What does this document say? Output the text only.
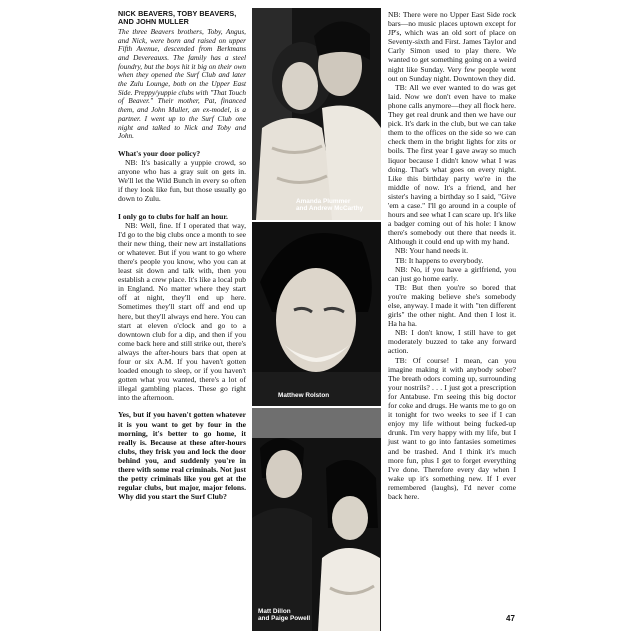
NICK BEAVERS, TOBY BEAVERS, AND JOHN MULLER

The three Beavers brothers, Toby, Angus, and Nick, were born and raised on upper Fifth Avenue, descended from Berkmans and Devereauxs. The family has a steel foundry, but the boys hit it big on their own when they opened the Surf Club and later the Zulu Lounge, both on the Upper East Side. Preppy/yuppie clubs with "That Touch of Beaver." Their mother, Pat, financed them, and John Muller, an ex-model, is a partner. I went up to the Surf Club one night and talked to Nick and Toby and John.

What's your door policy?

NB: It's basically a yuppie crowd, so anyone who has a gray suit on gets in. We'll let the Wild Bunch in every so often if they look like fun, but those usually go down to Zulu.

I only go to clubs for half an hour.

NB: Well, fine. If I operated that way, I'd go to the big clubs once a month to see their new thing, their new art installations or whatever. But if you want to go where there's people you know, who you can at least sit down and talk with, then you establish a crew place. It's like a local pub in England. No matter where they start off at night, they'll end up here. Sometimes they'll start off and end up here, but they'll always end here. You can start at eleven o'clock and go to a downtown club for a dip, and then if you come back here and still strike out, there's always the after-hours bars that open at four or six A.M. If you haven't gotten loaded enough to sleep, or if you haven't gotten what you wanted, there's a lot of illegal gambling places. These go right into the afternoon.

Yes, but if you haven't gotten whatever it is you want to get by four in the morning, it's better to go home, it really is. Because at these after-hours clubs, they frisk you and lock the door behind you, and suddenly you're in there with some real criminals. Not just the petty criminals like you get at the regular clubs, but major, major felons. Why did you start the Surf Club?

Amanda Plummer
and Andrew McCarthy
Matthew Rolston
Matt Dillon
and Paige Powell

NB: There were no Upper East Side rock bars—no music places uptown except for JP's, which was an old sort of place on Seventy-sixth and First. James Taylor and Carly Simon used to play there. We wanted to get something going on a weird night like Sunday. Very few people went out on Sunday night. Downtown they did.

TB: All we ever wanted to do was get laid. Now we don't even have to make phone calls anymore—they all flock here. They get real drunk and then we have our pick. It's dark in the club, but we can take them to the offices on the side so we can check them in the bright lights for zits or boils. The first year I gave away so much liquor because I didn't know what I was doing. That's what goes on every night. Like this birthday party we're in the middle of now. It's a friend, and her sister's having a birthday so I said, "Give 'em a case." I'll go around in a couple of hours and see what I can scare up. It's like a badger coming out of his hole: I know there's somebody out there that needs it. Although it could end up with my hand.

NB: Your hand needs it.

TB: It happens to everybody.

NB: No, if you have a girlfriend, you can just go home early.

TB: But then you're so bored that you're making believe she's somebody else, anyway. I made it with "ten different girls" the other night. And then I lost it. Ha ha ha.

NB: I don't know, I still have to get moderately buzzed to take any forward action.

TB: Of course! I mean, can you imagine making it with anybody sober? The breath odors coming up, surrounding your nostrils? . . . I just got a prescription for Antabuse. I'm seeing this big doctor for coke and drugs. He wants me to go on it tonight for two weeks to see if I can enjoy my life without being fucked-up drunk. I'm very happy with my life, but I just want to go into fantasies sometimes and be trashed. And I think it's much more fun, plus I get to forget everything I've done. Therefore every day when I wake up it's something new. If I ever remembered (laughs), I'd never come back here.

47
